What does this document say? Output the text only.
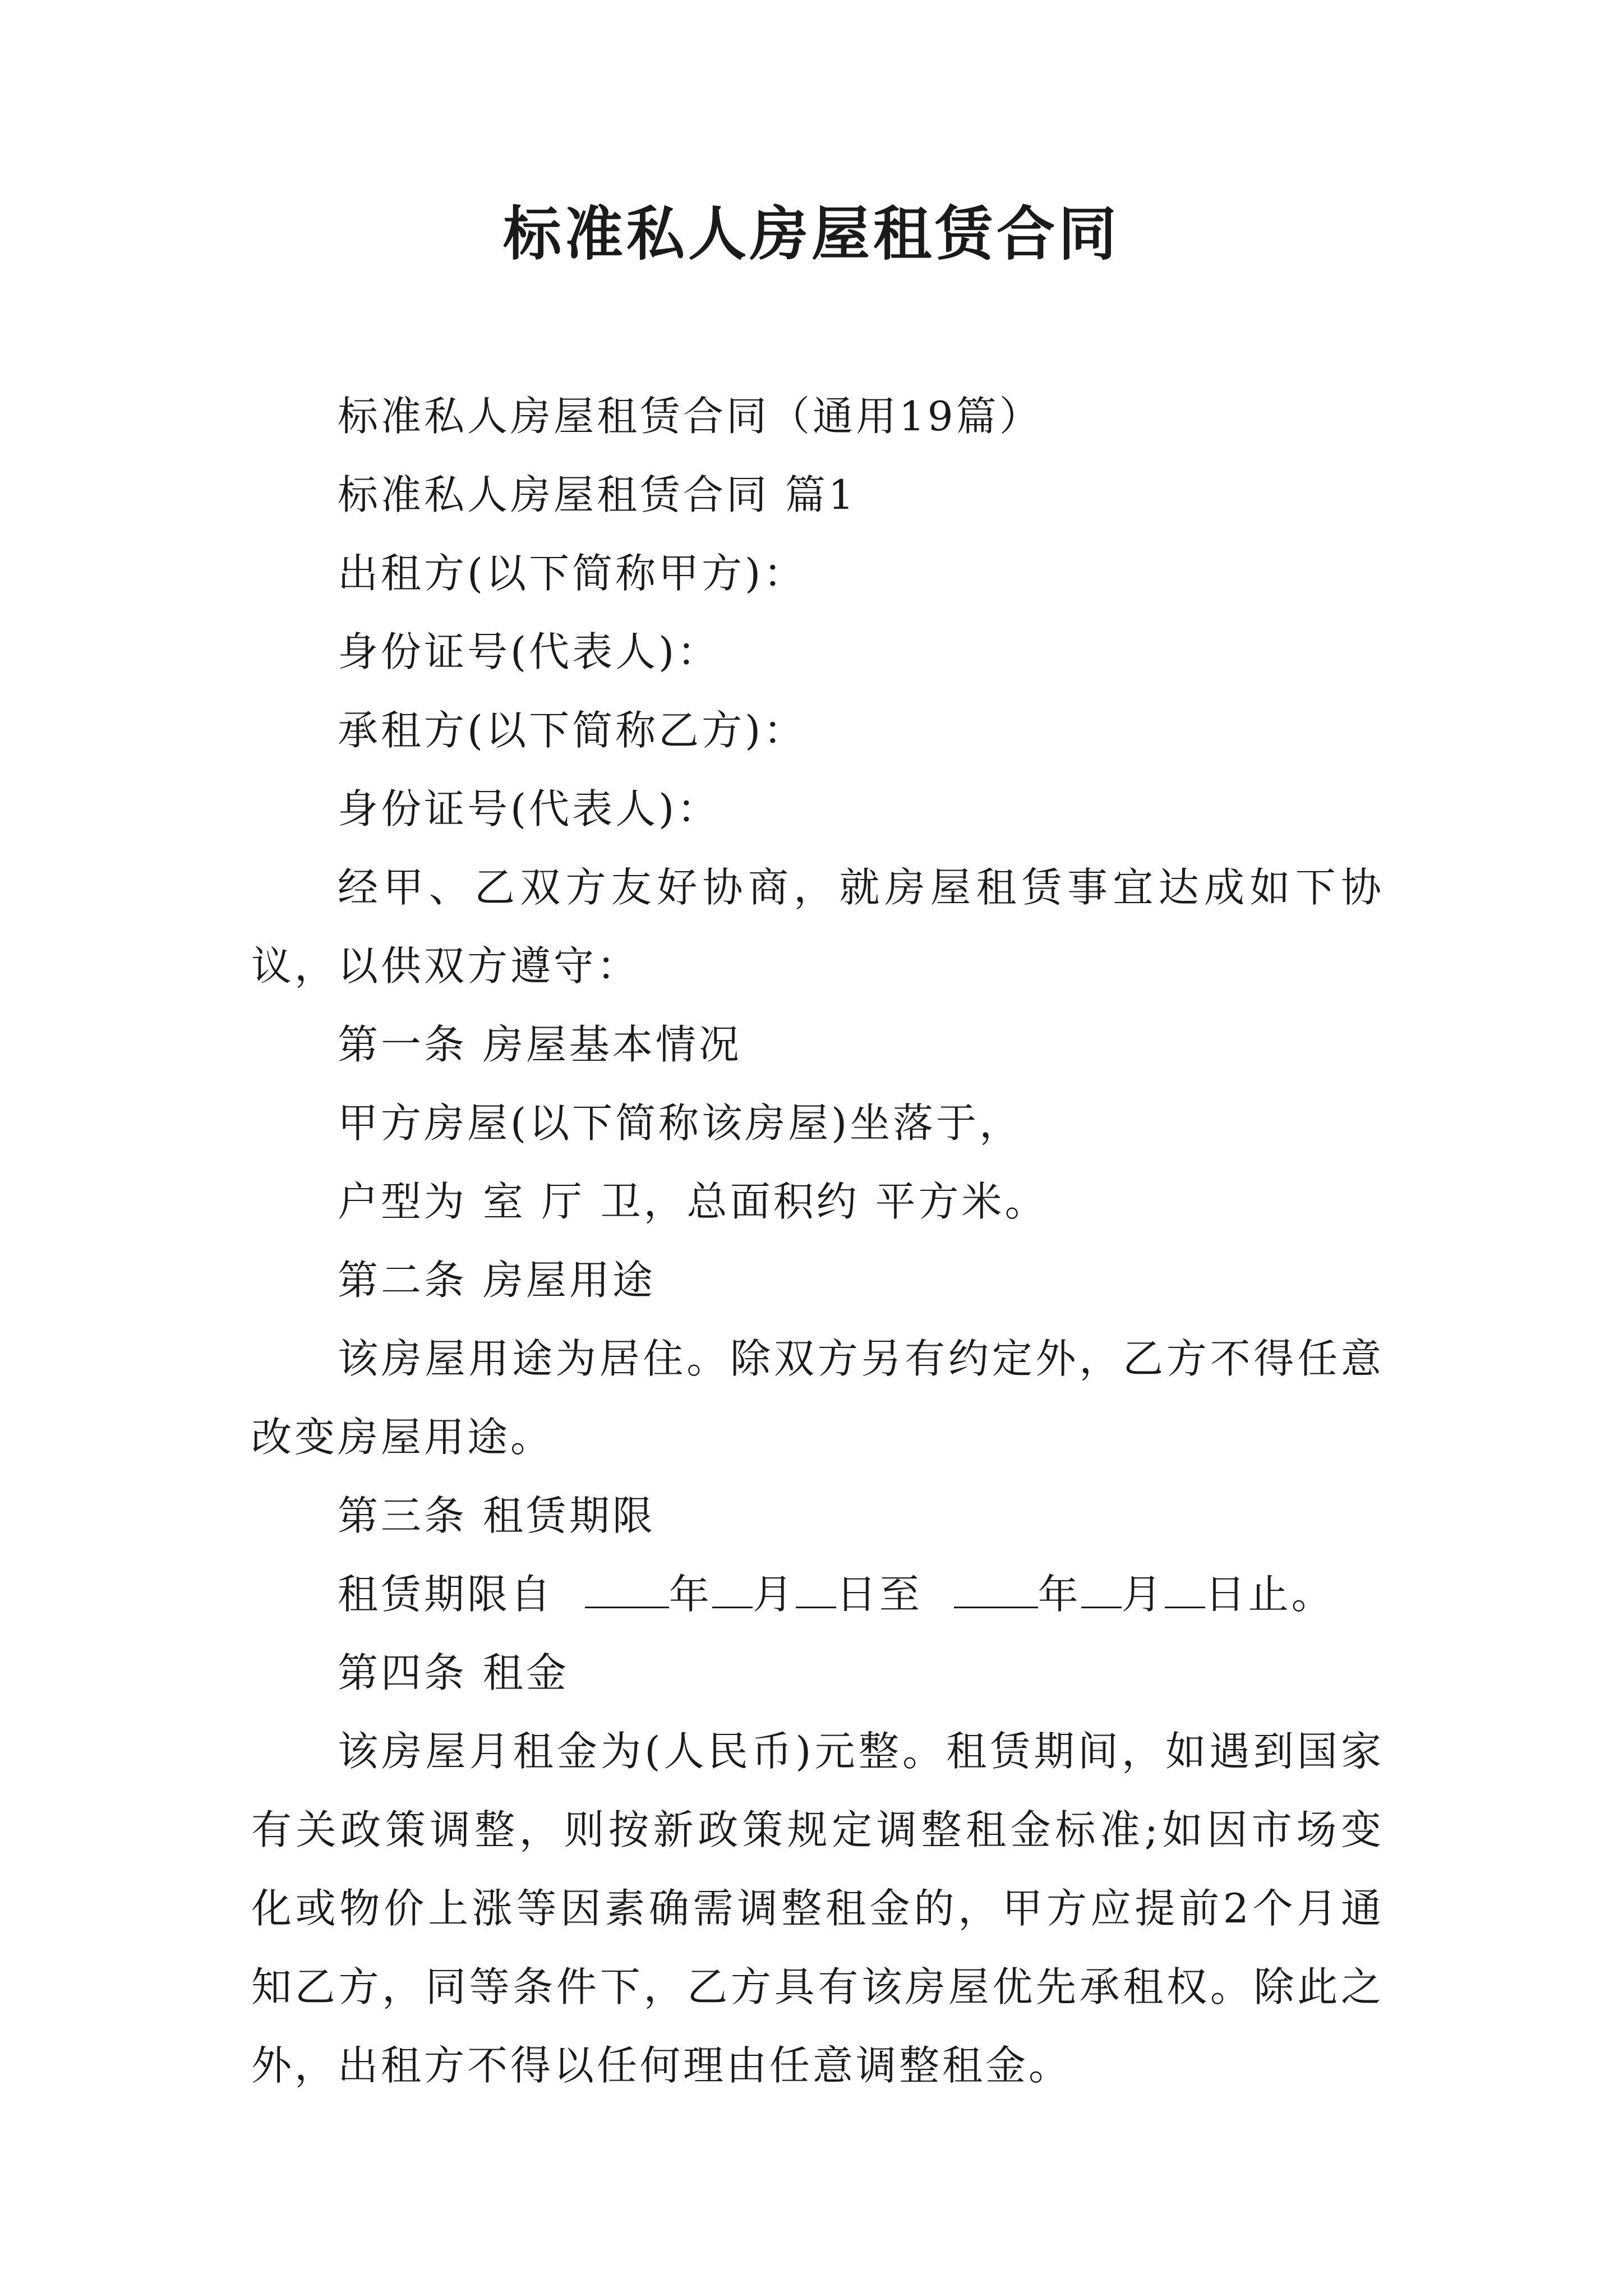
标准私人房屋租赁合同

标准私人房屋租赁合同（通用19篇）

标准私人房屋租赁合同 篇1

出租方(以下简称甲方)：

身份证号(代表人)：

承租方(以下简称乙方)：

身份证号(代表人)：

经甲、乙双方友好协商，就房屋租赁事宜达成如下协议，以供双方遵守：

第一条 房屋基本情况

甲方房屋(以下简称该房屋)坐落于，

户型为 室 厅 卫，总面积约 平方米。

第二条 房屋用途

该房屋用途为居住。除双方另有约定外，乙方不得任意改变房屋用途。

第三条 租赁期限

租赁期限自	年 月 日至	年 月 日止。

第四条 租金

该房屋月租金为(人民币)元整。租赁期间，如遇到国家有关政策调整，则按新政策规定调整租金标准;如因市场变化或物价上涨等因素确需调整租金的，甲方应提前2个月通知乙方，同等条件下，乙方具有该房屋优先承租权。除此之外，出租方不得以任何理由任意调整租金。
